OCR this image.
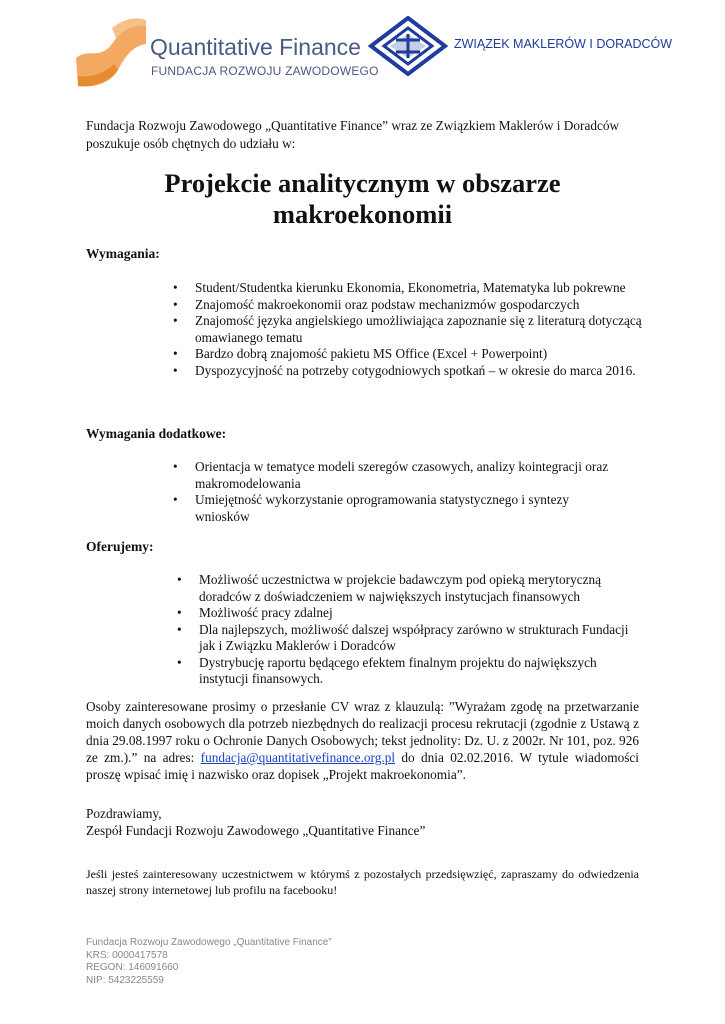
Quantitative Finance
FUNDACJA ROZWOJU ZAWODOWEGO
ZWIĄZEK MAKLERÓW I DORADCÓW
Fundacja Rozwoju Zawodowego „Quantitative Finance” wraz ze Związkiem Maklerów i Doradców poszukuje osób chętnych do udziału w:
Projekcie analitycznym w obszarze
makroekonomii
Wymagania:
• Student/Studentka kierunku Ekonomia, Ekonometria, Matematyka lub pokrewne
• Znajomość makroekonomii oraz podstaw mechanizmów gospodarczych
• Znajomość języka angielskiego umożliwiająca zapoznanie się z literaturą dotyczącą omawianego tematu
• Bardzo dobrą znajomość pakietu MS Office (Excel + Powerpoint)
• Dyspozycyjność na potrzeby cotygodniowych spotkań – w okresie do marca 2016.
Wymagania dodatkowe:
• Orientacja w tematyce modeli szeregów czasowych, analizy kointegracji oraz makromodelowania
• Umiejętność wykorzystanie oprogramowania statystycznego i syntezy wniosków
Oferujemy:
• Możliwość uczestnictwa w projekcie badawczym pod opieką merytoryczną doradców z doświadczeniem w największych instytucjach finansowych
• Możliwość pracy zdalnej
• Dla najlepszych, możliwość dalszej współpracy zarówno w strukturach Fundacji jak i Związku Maklerów i Doradców
• Dystrybucję raportu będącego efektem finalnym projektu do największych instytucji finansowych.
Osoby zainteresowane prosimy o przesłanie CV wraz z klauzulą: ”Wyrażam zgodę na przetwarzanie moich danych osobowych dla potrzeb niezbędnych do realizacji procesu rekrutacji (zgodnie z Ustawą z dnia 29.08.1997 roku o Ochronie Danych Osobowych; tekst jednolity: Dz. U. z 2002r. Nr 101, poz. 926 ze zm.).” na adres: fundacja@quantitativefinance.org.pl do dnia 02.02.2016. W tytule wiadomości proszę wpisać imię i nazwisko oraz dopisek „Projekt makroekonomia”.
Pozdrawiamy,
Zespół Fundacji Rozwoju Zawodowego „Quantitative Finance”
Jeśli jesteś zainteresowany uczestnictwem w którymś z pozostałych przedsięwzięć, zapraszamy do odwiedzenia naszej strony internetowej lub profilu na facebooku!
Fundacja Rozwoju Zawodowego „Quantitative Finance”
KRS: 0000417578
REGON: 146091660
NIP: 5423225559
